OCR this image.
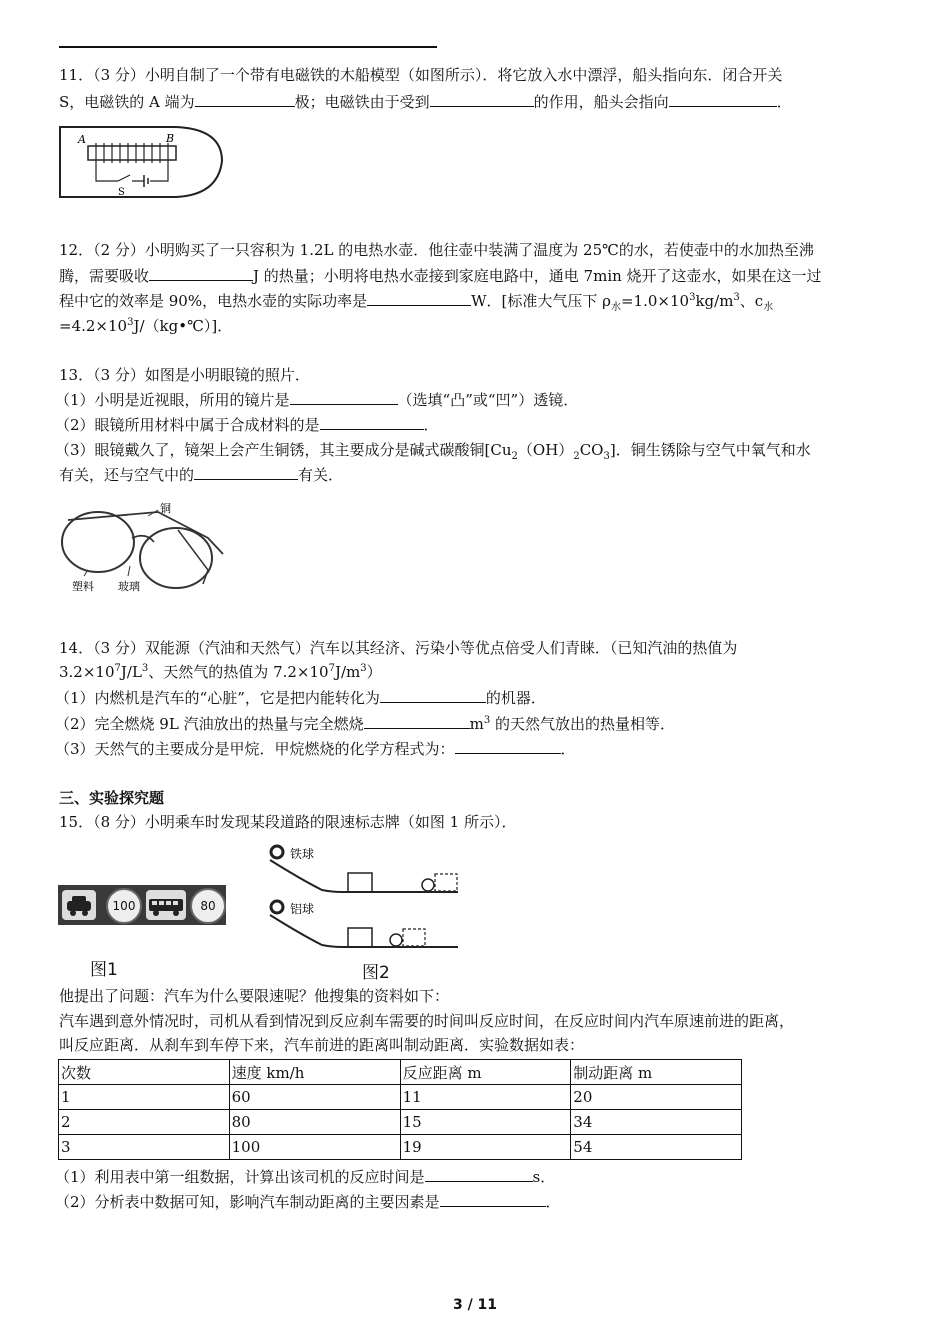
11．（3 分）小明自制了一个带有电磁铁的木船模型（如图所示）．将它放入水中漂浮，船头指向东．闭合开关
S，电磁铁的 A 端为	极；电磁铁由于受到	的作用，船头会指向	．
A	B
S
12．（2 分）小明购买了一只容积为 1.2L 的电热水壶．他往壶中装满了温度为 25℃的水，若使壶中的水加热至沸
腾，需要吸收	J 的热量；小明将电热水壶接到家庭电路中，通电 7min 烧开了这壶水，如果在这一过
程中它的效率是 90%，电热水壶的实际功率是	W．[标准大气压下 $\rho_水=1.0\times 10^3kg/m^3$、$c_水$
$=4.2\times 10^3J/(kg•℃)$]．
13．（3 分）如图是小明眼镜的照片．
（1）小明是近视眼，所用的镜片是	（选填“凸”或“凹”）透镜．
（2）眼镜所用材料中属于合成材料的是	．
（3）眼镜戴久了，镜架上会产生铜锈，其主要成分是碱式碳酸铜$[Cu_2(OH)_2CO_3]$．铜生锈除与空气中氧气和水
有关，还与空气中的	有关．
铜
塑料 玻璃
14．（3 分）双能源（汽油和天然气）汽车以其经济、污染小等优点倍受人们青睐．（已知汽油的热值为
$3.2\times 10^7J/L^3$、天然气的热值为 $7.2\times 10^7J/m^3$）
（1）内燃机是汽车的“心脏”，它是把内能转化为	的机器．
（2）完全燃烧 9L 汽油放出的热量与完全燃烧	$m^3$ 的天然气放出的热量相等．
（3）天然气的主要成分是甲烷．甲烷燃烧的化学方程式为：	．
三、实验探究题
15．（8 分）小明乘车时发现某段道路的限速标志牌（如图 1 所示）．
100	80
图1
铁球
铝球
图2
他提出了问题：汽车为什么要限速呢？他搜集的资料如下：
汽车遇到意外情况时，司机从看到情况到反应刹车需要的时间叫反应时间，在反应时间内汽车原速前进的距离，
叫反应距离．从刹车到车停下来，汽车前进的距离叫制动距离．实验数据如表：
次数	速度 km/h	反应距离 m	制动距离 m
1	60	11	20
2	80	15	34
3	100	19	54
（1）利用表中第一组数据，计算出该司机的反应时间是	s．
（2）分析表中数据可知，影响汽车制动距离的主要因素是	．
3 / 11
